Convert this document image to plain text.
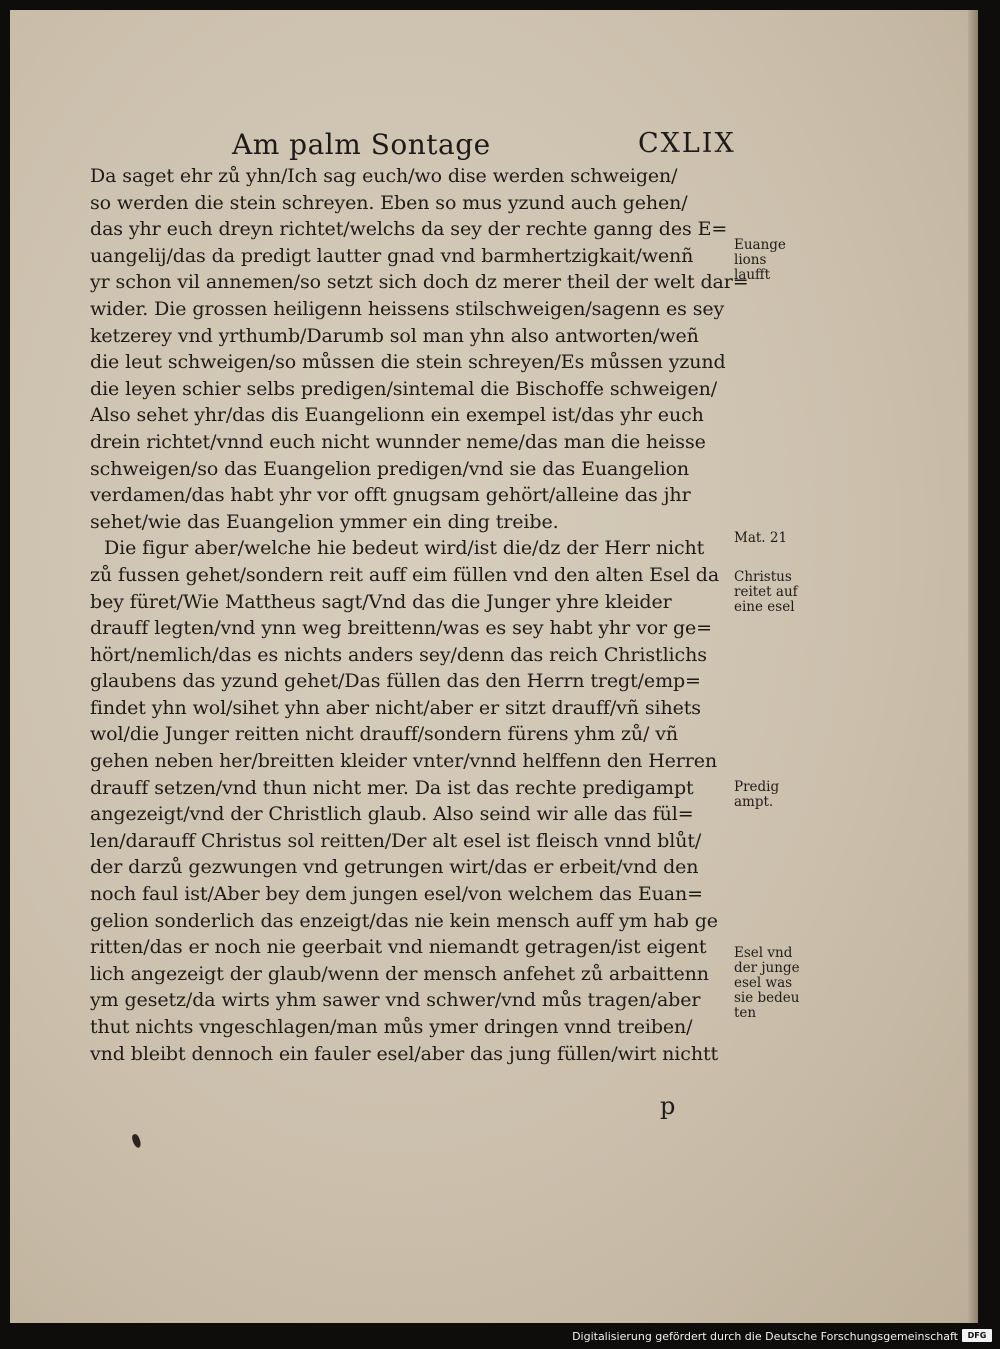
Am palm Sontage	CXLIX
Da saget ehr zů yhn/Ich sag euch/wo dise werden schweigen/
so werden die stein schreyen. Eben so mus yzund auch gehen/
das yhr euch dreyn richtet/welchs da sey der rechte ganng des E=
uangelij/das da predigt lautter gnad vnd barmhertzigkait/wenñ
yr schon vil annemen/so setzt sich doch dz merer theil der welt dar=
wider. Die grossen heiligenn heissens stilschweigen/sagenn es sey
ketzerey vnd yrthumb/Darumb sol man yhn also antworten/weñ
die leut schweigen/so můssen die stein schreyen/Es můssen yzund
die leyen schier selbs predigen/sintemal die Bischoffe schweigen/
Also sehet yhr/das dis Euangelionn ein exempel ist/das yhr euch
drein richtet/vnnd euch nicht wunnder neme/das man die heisse
schweigen/so das Euangelion predigen/vnd sie das Euangelion
verdamen/das habt yhr vor offt gnugsam gehört/alleine das jhr
sehet/wie das Euangelion ymmer ein ding treibe.
Die figur aber/welche hie bedeut wird/ist die/dz der Herr nicht
zů fussen gehet/sondern reit auff eim füllen vnd den alten Esel da
bey füret/Wie Mattheus sagt/Vnd das die Junger yhre kleider
drauff legten/vnd ynn weg breittenn/was es sey habt yhr vor ge=
hört/nemlich/das es nichts anders sey/denn das reich Christlichs
glaubens das yzund gehet/Das füllen das den Herrn tregt/emp=
findet yhn wol/sihet yhn aber nicht/aber er sitzt drauff/vñ sihets
wol/die Junger reitten nicht drauff/sondern fürens yhm zů/ vñ
gehen neben her/breitten kleider vnter/vnnd helffenn den Herren
drauff setzen/vnd thun nicht mer. Da ist das rechte predigampt
angezeigt/vnd der Christlich glaub. Also seind wir alle das fül=
len/darauff Christus sol reitten/Der alt esel ist fleisch vnnd blůt/
der darzů gezwungen vnd getrungen wirt/das er erbeit/vnd den
noch faul ist/Aber bey dem jungen esel/von welchem das Euan=
gelion sonderlich das enzeigt/das nie kein mensch auff ym hab ge
ritten/das er noch nie geerbait vnd niemandt getragen/ist eigent
lich angezeigt der glaub/wenn der mensch anfehet zů arbaittenn
ym gesetz/da wirts yhm sawer vnd schwer/vnd můs tragen/aber
thut nichts vngeschlagen/man můs ymer dringen vnnd treiben/
vnd bleibt dennoch ein fauler esel/aber das jung füllen/wirt nichtt
Euange
lions
laufft
Mat. 21
Christus
reitet auf
eine esel
Predig
ampt.
Esel vnd
der junge
esel was
sie bedeu
ten
p
Digitalisierung gefördert durch die Deutsche Forschungsgemeinschaft	DFG
